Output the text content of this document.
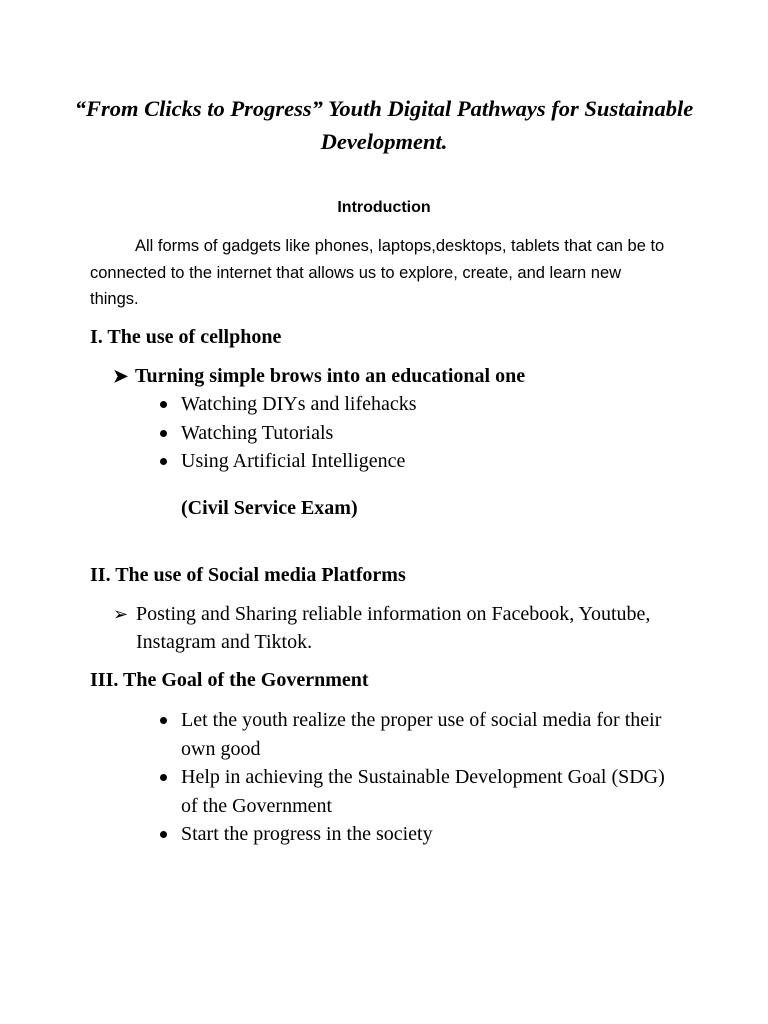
“From Clicks to Progress” Youth Digital Pathways for Sustainable Development.
Introduction

All forms of gadgets like phones, laptops,desktops, tablets that can be to connected to the internet that allows us to explore, create, and learn new things.

I. The use of cellphone
➤ Turning simple brows into an educational one
Watching DIYs and lifehacks
Watching Tutorials
Using Artificial Intelligence
(Civil Service Exam)
II. The use of Social media Platforms
➢ Posting and Sharing reliable information on Facebook, Youtube, Instagram and Tiktok.
III. The Goal of the Government
Let the youth realize the proper use of social media for their own good
Help in achieving the Sustainable Development Goal (SDG) of the Government
Start the progress in the society
